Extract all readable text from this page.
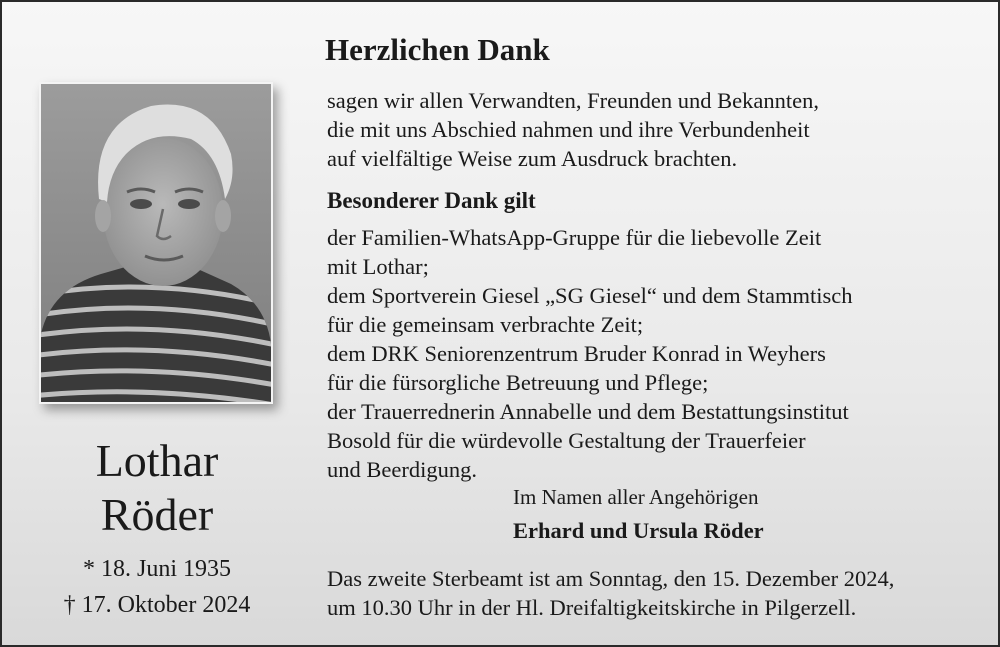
Lothar
Röder
* 18. Juni 1935
† 17. Oktober 2024
Herzlichen Dank
sagen wir allen Verwandten, Freunden und Bekannten,
die mit uns Abschied nahmen und ihre Verbundenheit
auf vielfältige Weise zum Ausdruck brachten.
Besonderer Dank gilt
der Familien-WhatsApp-Gruppe für die liebevolle Zeit
mit Lothar;
dem Sportverein Giesel „SG Giesel“ und dem Stammtisch
für die gemeinsam verbrachte Zeit;
dem DRK Seniorenzentrum Bruder Konrad in Weyhers
für die fürsorgliche Betreuung und Pflege;
der Trauerrednerin Annabelle und dem Bestattungsinstitut
Bosold für die würdevolle Gestaltung der Trauerfeier
und Beerdigung.
Im Namen aller Angehörigen
Erhard und Ursula Röder
Das zweite Sterbeamt ist am Sonntag, den 15. Dezember 2024,
um 10.30 Uhr in der Hl. Dreifaltigkeitskirche in Pilgerzell.
